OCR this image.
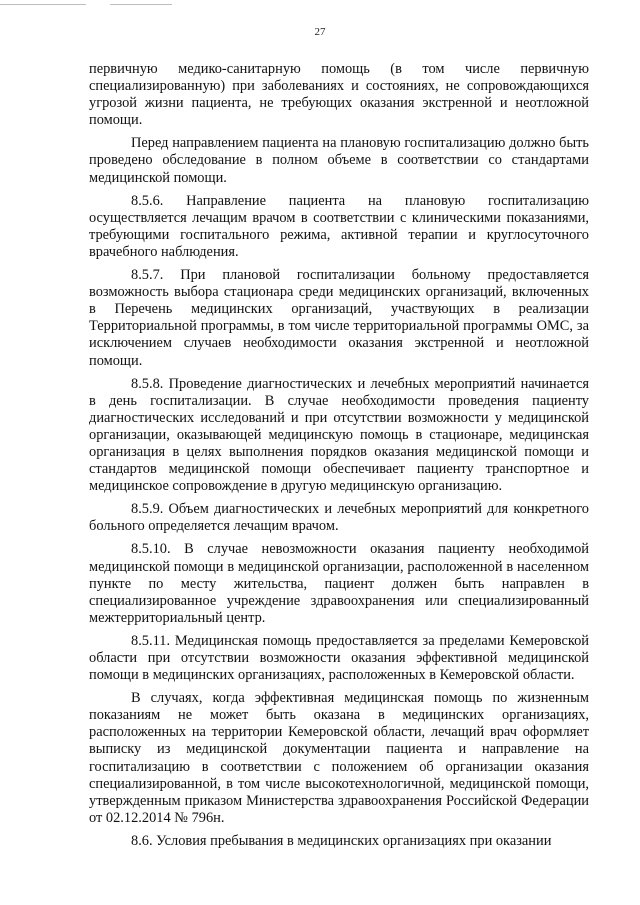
27

первичную медико-санитарную помощь (в том числе первичную специализированную) при заболеваниях и состояниях, не сопровождающихся угрозой жизни пациента, не требующих оказания экстренной и неотложной помощи.

Перед направлением пациента на плановую госпитализацию должно быть проведено обследование в полном объеме в соответствии со стандартами медицинской помощи.

8.5.6. Направление пациента на плановую госпитализацию осуществляется лечащим врачом в соответствии с клиническими показаниями, требующими госпитального режима, активной терапии и круглосуточного врачебного наблюдения.

8.5.7. При плановой госпитализации больному предоставляется возможность выбора стационара среди медицинских организаций, включенных в Перечень медицинских организаций, участвующих в реализации Территориальной программы, в том числе территориальной программы ОМС, за исключением случаев необходимости оказания экстренной и неотложной помощи.

8.5.8. Проведение диагностических и лечебных мероприятий начинается в день госпитализации. В случае необходимости проведения пациенту диагностических исследований и при отсутствии возможности у медицинской организации, оказывающей медицинскую помощь в стационаре, медицинская организация в целях выполнения порядков оказания медицинской помощи и стандартов медицинской помощи обеспечивает пациенту транспортное и медицинское сопровождение в другую медицинскую организацию.

8.5.9. Объем диагностических и лечебных мероприятий для конкретного больного определяется лечащим врачом.

8.5.10. В случае невозможности оказания пациенту необходимой медицинской помощи в медицинской организации, расположенной в населенном пункте по месту жительства, пациент должен быть направлен в специализированное учреждение здравоохранения или специализированный межтерриториальный центр.

8.5.11. Медицинская помощь предоставляется за пределами Кемеровской области при отсутствии возможности оказания эффективной медицинской помощи в медицинских организациях, расположенных в Кемеровской области.

В случаях, когда эффективная медицинская помощь по жизненным показаниям не может быть оказана в медицинских организациях, расположенных на территории Кемеровской области, лечащий врач оформляет выписку из медицинской документации пациента и направление на госпитализацию в соответствии с положением об организации оказания специализированной, в том числе высокотехнологичной, медицинской помощи, утвержденным приказом Министерства здравоохранения Российской Федерации от 02.12.2014 № 796н.

8.6. Условия пребывания в медицинских организациях при оказании
